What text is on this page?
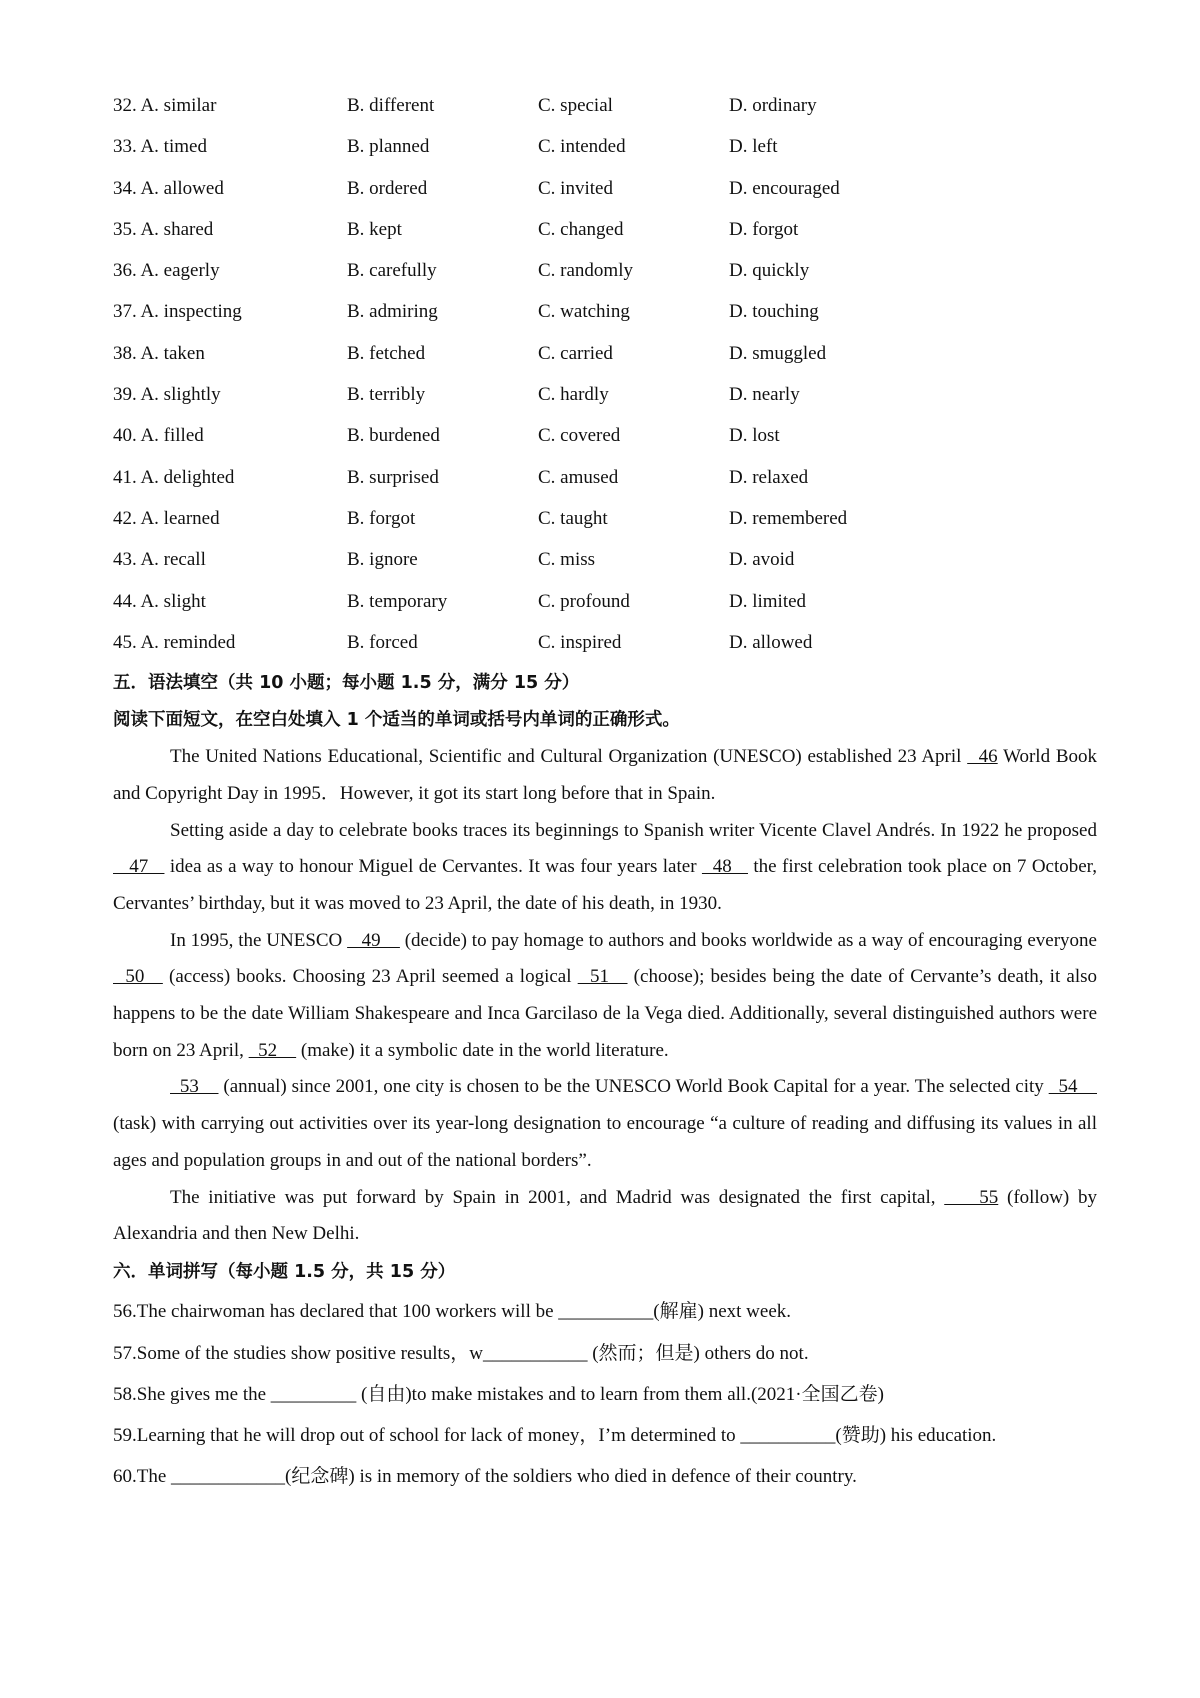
32. A. similar	B. different	C. special	D. ordinary
33. A. timed	B. planned	C. intended	D. left
34. A. allowed	B. ordered	C. invited	D. encouraged
35. A. shared	B. kept	C. changed	D. forgot
36. A. eagerly	B. carefully	C. randomly	D. quickly
37. A. inspecting	B. admiring	C. watching	D. touching
38. A. taken	B. fetched	C. carried	D. smuggled
39. A. slightly	B. terribly	C. hardly	D. nearly
40. A. filled	B. burdened	C. covered	D. lost
41. A. delighted	B. surprised	C. amused	D. relaxed
42. A. learned	B. forgot	C. taught	D. remembered
43. A. recall	B. ignore	C. miss	D. avoid
44. A. slight	B. temporary	C. profound	D. limited
45. A. reminded	B. forced	C. inspired	D. allowed
五．语法填空（共 10 小题；每小题 1.5 分，满分 15 分）
阅读下面短文，在空白处填入 1 个适当的单词或括号内单词的正确形式。

The United Nations Educational, Scientific and Cultural Organization (UNESCO) established 23 April   46 World Book and Copyright Day in 1995．However, it got its start long before that in Spain.

Setting aside a day to celebrate books traces its beginnings to Spanish writer Vicente Clavel Andrés. In 1922 he proposed    47    idea as a way to honour Miguel de Cervantes. It was four years later   48    the first celebration took place on 7 October, Cervantes’ birthday, but it was moved to 23 April, the date of his death, in 1930.

In 1995, the UNESCO    49     (decide) to pay homage to authors and books worldwide as a way of encouraging everyone   50    (access) books. Choosing 23 April seemed a logical   51    (choose); besides being the date of Cervante’s death, it also happens to be the date William Shakespeare and Inca Garcilaso de la Vega died. Additionally, several distinguished authors were born on 23 April,   52     (make) it a symbolic date in the world literature.

53     (annual) since 2001, one city is chosen to be the UNESCO World Book Capital for a year. The selected city   54     (task) with carrying out activities over its year-long designation to encourage “a culture of reading and diffusing its values in all ages and population groups in and out of the national borders”.

The initiative was put forward by Spain in 2001, and Madrid was designated the first capital,     55 (follow) by Alexandria and then New Delhi.

六．单词拼写（每小题 1.5 分，共 15 分）

56.The chairwoman has declared that 100 workers will be __________(解雇) next week.

57.Some of the studies show positive results，w___________ (然而；但是) others do not.

58.She gives me the _________ (自由)to make mistakes and to learn from them all.(2021·全国乙卷)

59.Learning that he will drop out of school for lack of money，I’m determined to __________(赞助) his education.

60.The ____________(纪念碑) is in memory of the soldiers who died in defence of their country.
